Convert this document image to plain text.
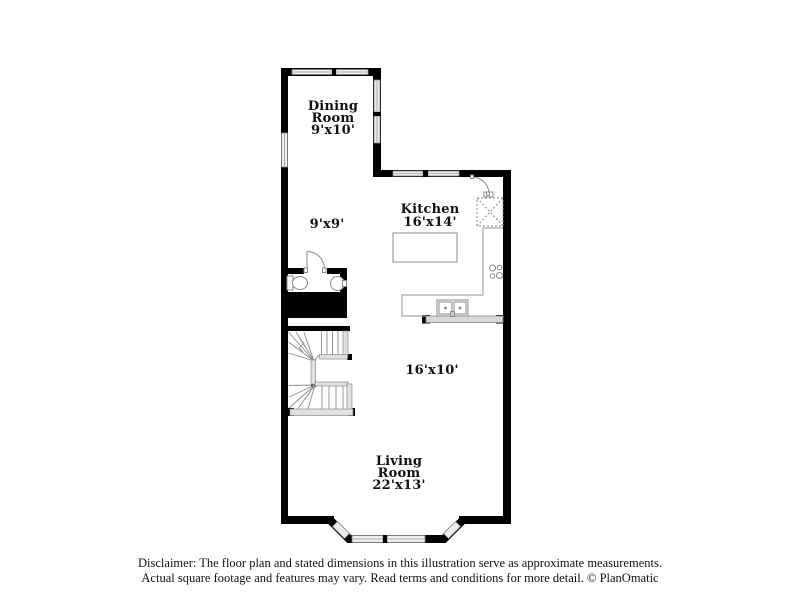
Dining
Room
9'x10'
9'x9'
Kitchen
16'x14'
16'x10'
Living
Room
22'x13'
Disclaimer: The floor plan and stated dimensions in this illustration serve as approximate measurements.
Actual square footage and features may vary. Read terms and conditions for more detail. © PlanOmatic
